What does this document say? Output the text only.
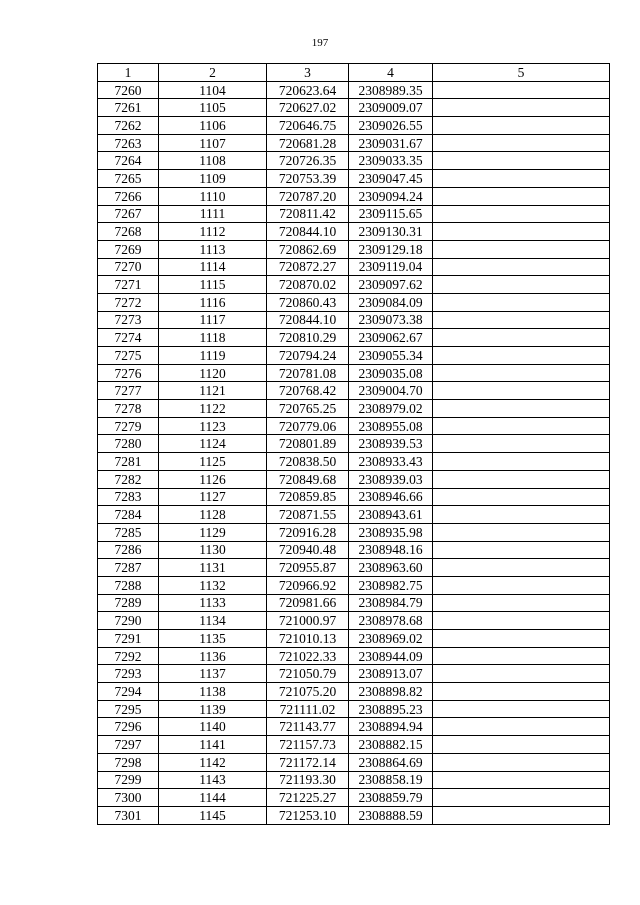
197
1	2	3	4	5
7260	1104	720623.64	2308989.35	
7261	1105	720627.02	2309009.07	
7262	1106	720646.75	2309026.55	
7263	1107	720681.28	2309031.67	
7264	1108	720726.35	2309033.35	
7265	1109	720753.39	2309047.45	
7266	1110	720787.20	2309094.24	
7267	1111	720811.42	2309115.65	
7268	1112	720844.10	2309130.31	
7269	1113	720862.69	2309129.18	
7270	1114	720872.27	2309119.04	
7271	1115	720870.02	2309097.62	
7272	1116	720860.43	2309084.09	
7273	1117	720844.10	2309073.38	
7274	1118	720810.29	2309062.67	
7275	1119	720794.24	2309055.34	
7276	1120	720781.08	2309035.08	
7277	1121	720768.42	2309004.70	
7278	1122	720765.25	2308979.02	
7279	1123	720779.06	2308955.08	
7280	1124	720801.89	2308939.53	
7281	1125	720838.50	2308933.43	
7282	1126	720849.68	2308939.03	
7283	1127	720859.85	2308946.66	
7284	1128	720871.55	2308943.61	
7285	1129	720916.28	2308935.98	
7286	1130	720940.48	2308948.16	
7287	1131	720955.87	2308963.60	
7288	1132	720966.92	2308982.75	
7289	1133	720981.66	2308984.79	
7290	1134	721000.97	2308978.68	
7291	1135	721010.13	2308969.02	
7292	1136	721022.33	2308944.09	
7293	1137	721050.79	2308913.07	
7294	1138	721075.20	2308898.82	
7295	1139	721111.02	2308895.23	
7296	1140	721143.77	2308894.94	
7297	1141	721157.73	2308882.15	
7298	1142	721172.14	2308864.69	
7299	1143	721193.30	2308858.19	
7300	1144	721225.27	2308859.79	
7301	1145	721253.10	2308888.59	
